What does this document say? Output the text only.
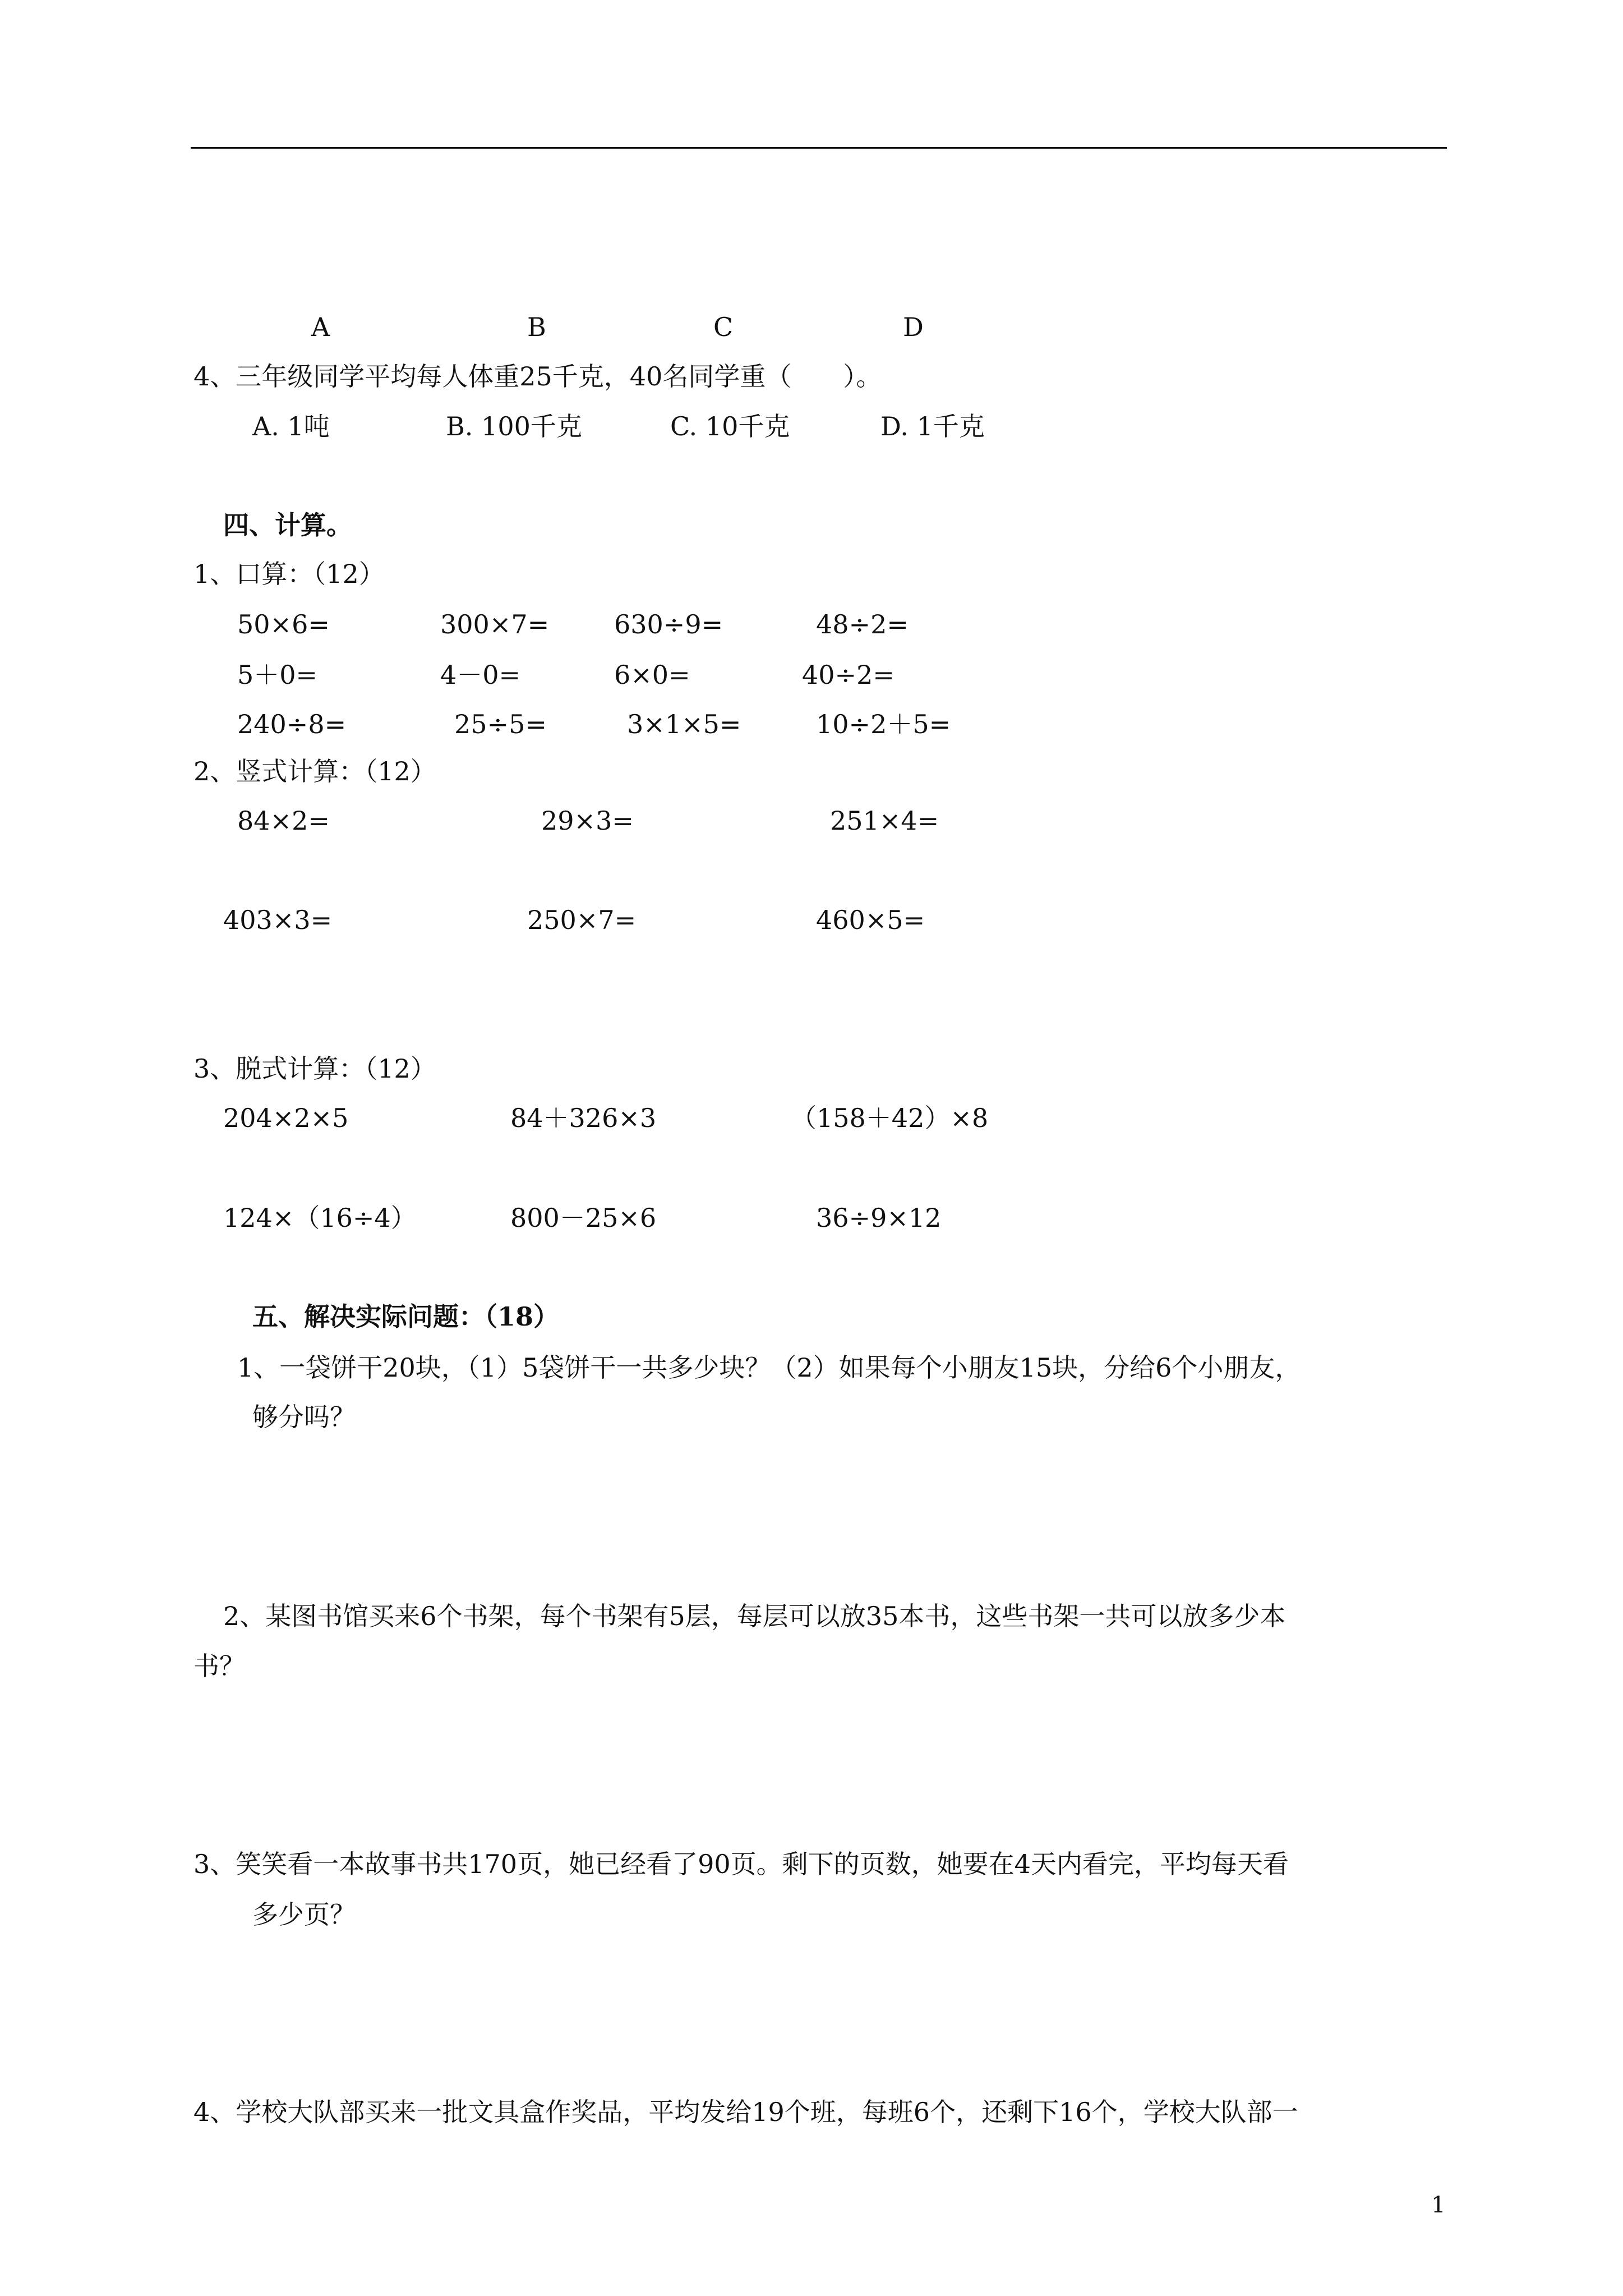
A	B	C	D
4、三年级同学平均每人体重25千克，40名同学重（　　）。
A. 1吨	B. 100千克	C. 10千克	D. 1千克
四、计算。
1、口算：（12）
50×6=	300×7=	630÷9=	48÷2=
5＋0=	4－0=	6×0=	40÷2=
240÷8=	25÷5=	3×1×5=	10÷2＋5=
2、竖式计算：（12）
84×2=	29×3=	251×4=
403×3=	250×7=	460×5=
3、脱式计算：（12）
204×2×5	84＋326×3	（158＋42）×8
124×（16÷4）	800－25×6	36÷9×12
五、解决实际问题：（18）
1、一袋饼干20块，（1）5袋饼干一共多少块？（2）如果每个小朋友15块，分给6个小朋友，
够分吗？
2、某图书馆买来6个书架，每个书架有5层，每层可以放35本书，这些书架一共可以放多少本
书？
3、笑笑看一本故事书共170页，她已经看了90页。剩下的页数，她要在4天内看完，平均每天看
多少页？
4、学校大队部买来一批文具盒作奖品，平均发给19个班，每班6个，还剩下16个，学校大队部一
1
